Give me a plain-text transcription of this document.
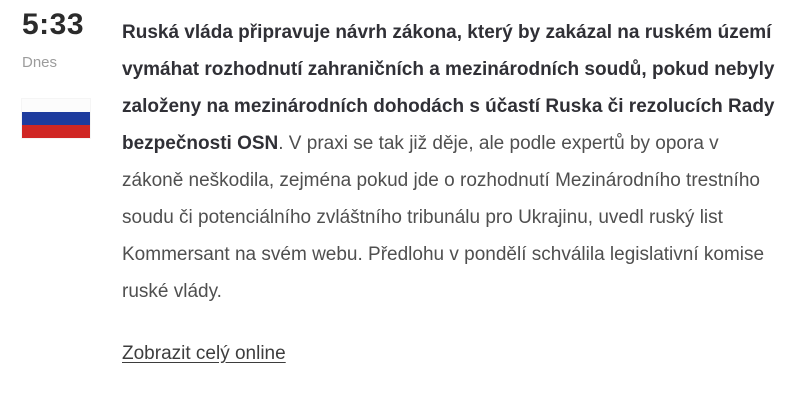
5:33
Dnes

Ruská vláda připravuje návrh zákona, který by zakázal na ruském území vymáhat rozhodnutí zahraničních a mezinárodních soudů, pokud nebyly založeny na mezinárodních dohodách s účastí Ruska či rezolucích Rady bezpečnosti OSN. V praxi se tak již děje, ale podle expertů by opora v zákoně neškodila, zejména pokud jde o rozhodnutí Mezinárodního trestního soudu či potenciálního zvláštního tribunálu pro Ukrajinu, uvedl ruský list Kommersant na svém webu. Předlohu v pondělí schválila legislativní komise ruské vlády.

Zobrazit celý online
